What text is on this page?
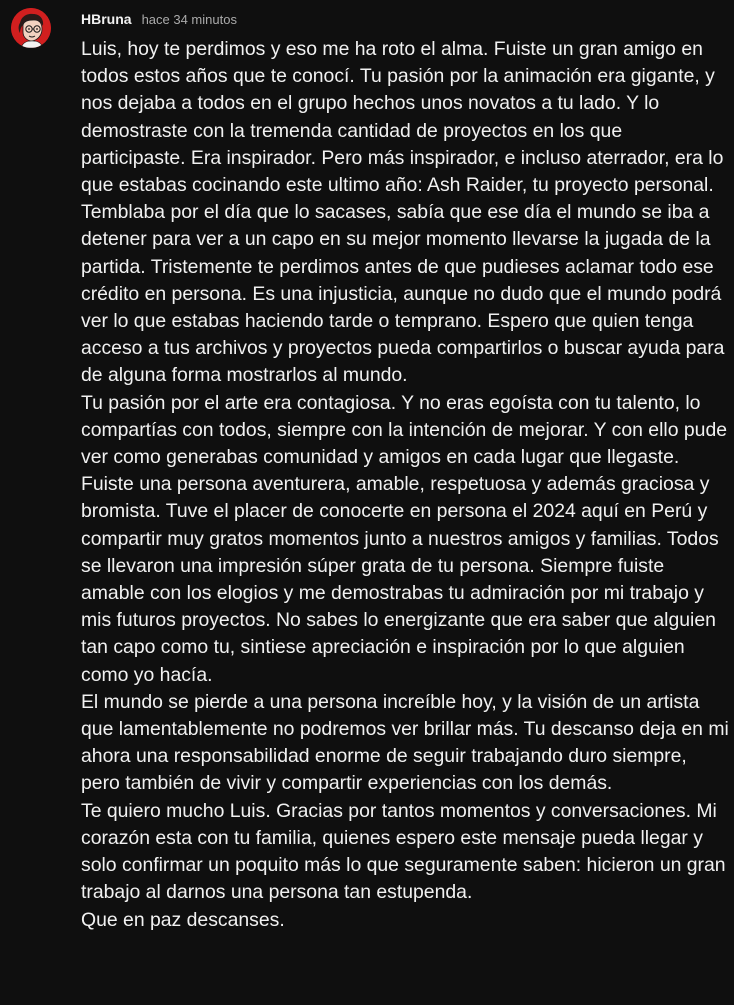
HBruna hace 34 minutos

Luis, hoy te perdimos y eso me ha roto el alma. Fuiste un gran amigo en todos estos años que te conocí. Tu pasión por la animación era gigante, y nos dejaba a todos en el grupo hechos unos novatos a tu lado. Y lo demostraste con la tremenda cantidad de proyectos en los que participaste. Era inspirador. Pero más inspirador, e incluso aterrador, era lo que estabas cocinando este ultimo año: Ash Raider, tu proyecto personal. Temblaba por el día que lo sacases, sabía que ese día el mundo se iba a detener para ver a un capo en su mejor momento llevarse la jugada de la partida. Tristemente te perdimos antes de que pudieses aclamar todo ese crédito en persona. Es una injusticia, aunque no dudo que el mundo podrá ver lo que estabas haciendo tarde o temprano. Espero que quien tenga acceso a tus archivos y proyectos pueda compartirlos o buscar ayuda para de alguna forma mostrarlos al mundo.

Tu pasión por el arte era contagiosa. Y no eras egoísta con tu talento, lo compartías con todos, siempre con la intención de mejorar. Y con ello pude ver como generabas comunidad y amigos en cada lugar que llegaste.

Fuiste una persona aventurera, amable, respetuosa y además graciosa y bromista. Tuve el placer de conocerte en persona el 2024 aquí en Perú y compartir muy gratos momentos junto a nuestros amigos y familias. Todos se llevaron una impresión súper grata de tu persona. Siempre fuiste amable con los elogios y me demostrabas tu admiración por mi trabajo y mis futuros proyectos. No sabes lo energizante que era saber que alguien tan capo como tu, sintiese apreciación e inspiración por lo que alguien como yo hacía.

El mundo se pierde a una persona increíble hoy, y la visión de un artista que lamentablemente no podremos ver brillar más. Tu descanso deja en mi ahora una responsabilidad enorme de seguir trabajando duro siempre, pero también de vivir y compartir experiencias con los demás.

Te quiero mucho Luis. Gracias por tantos momentos y conversaciones. Mi corazón esta con tu familia, quienes espero este mensaje pueda llegar y solo confirmar un poquito más lo que seguramente saben: hicieron un gran trabajo al darnos una persona tan estupenda.

Que en paz descanses.
